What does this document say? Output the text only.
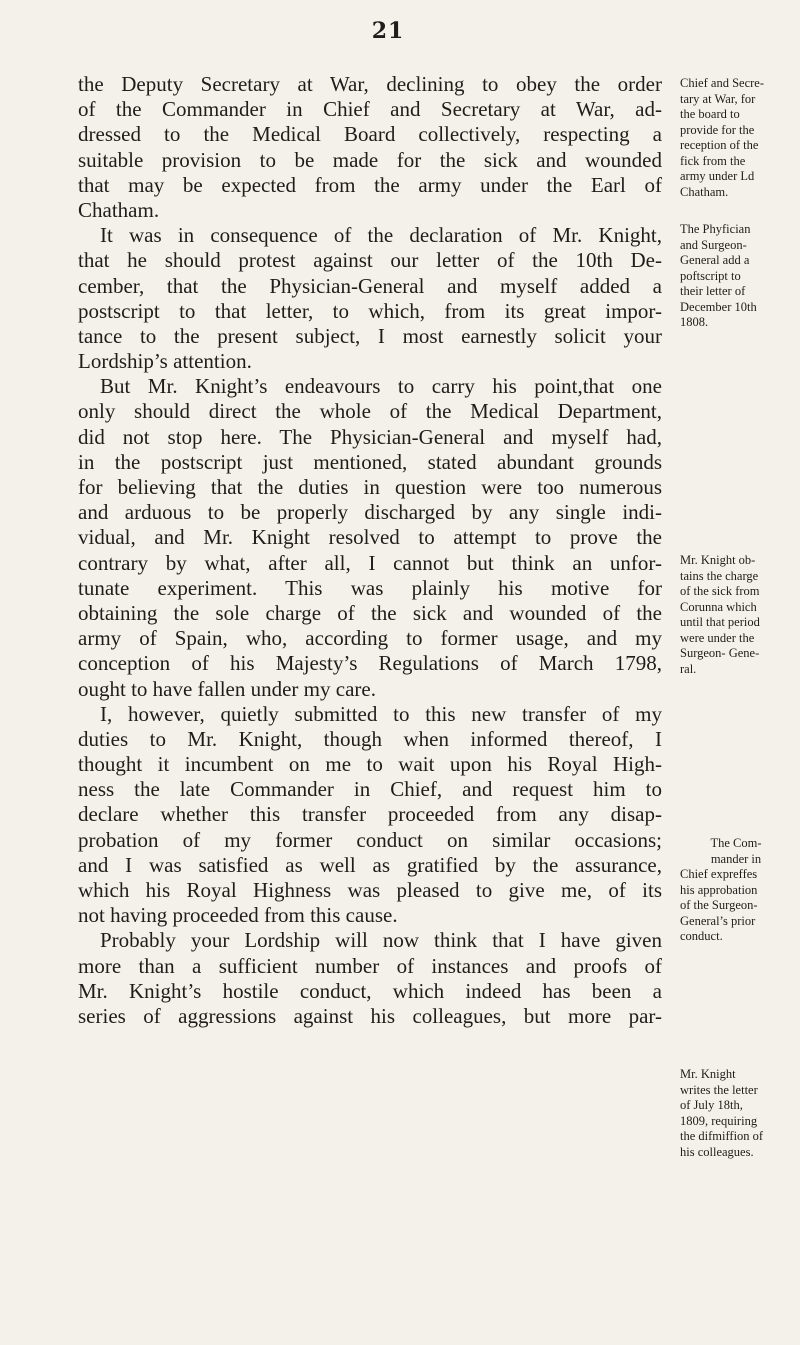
21
the Deputy Secretary at War, declining to obey the order
of the Commander in Chief and Secretary at War, ad-
dressed to the Medical Board collectively, respecting a
suitable provision to be made for the sick and wounded
that may be expected from the army under the Earl of
Chatham.
It was in consequence of the declaration of Mr. Knight,
that he should protest against our letter of the 10th De-
cember, that the Physician-General and myself added a
postscript to that letter, to which, from its great impor-
tance to the present subject, I most earnestly solicit your
Lordship’s attention.
But Mr. Knight’s endeavours to carry his point,that one
only should direct the whole of the Medical Department,
did not stop here. The Physician-General and myself had,
in the postscript just mentioned, stated abundant grounds
for believing that the duties in question were too numerous
and arduous to be properly discharged by any single indi-
vidual, and Mr. Knight resolved to attempt to prove the
contrary by what, after all, I cannot but think an unfor-
tunate experiment. This was plainly his motive for
obtaining the sole charge of the sick and wounded of the
army of Spain, who, according to former usage, and my
conception of his Majesty’s Regulations of March 1798,
ought to have fallen under my care.
I, however, quietly submitted to this new transfer of my
duties to Mr. Knight, though when informed thereof, I
thought it incumbent on me to wait upon his Royal High-
ness the late Commander in Chief, and request him to
declare whether this transfer proceeded from any disap-
probation of my former conduct on similar occasions;
and I was satisfied as well as gratified by the assurance,
which his Royal Highness was pleased to give me, of its
not having proceeded from this cause.
Probably your Lordship will now think that I have given
more than a sufficient number of instances and proofs of
Mr. Knight’s hostile conduct, which indeed has been a
series of aggressions against his colleagues, but more par-
Chief and Secre-
tary at War, for
the board to
provide for the
reception of the
fick from the
army under Ld
Chatham.
The Phyfician
and Surgeon-
General add a
poftscript to
their letter of
December 10th
1808.
Mr. Knight ob-
tains the charge
of the sick from
Corunna which
until that period
were under the
Surgeon- Gene-
ral.
The Com-
mander in
Chief expreffes
his approbation
of the Surgeon-
General’s prior
conduct.
Mr. Knight
writes the letter
of July 18th,
1809, requiring
the difmiffion of
his colleagues.
